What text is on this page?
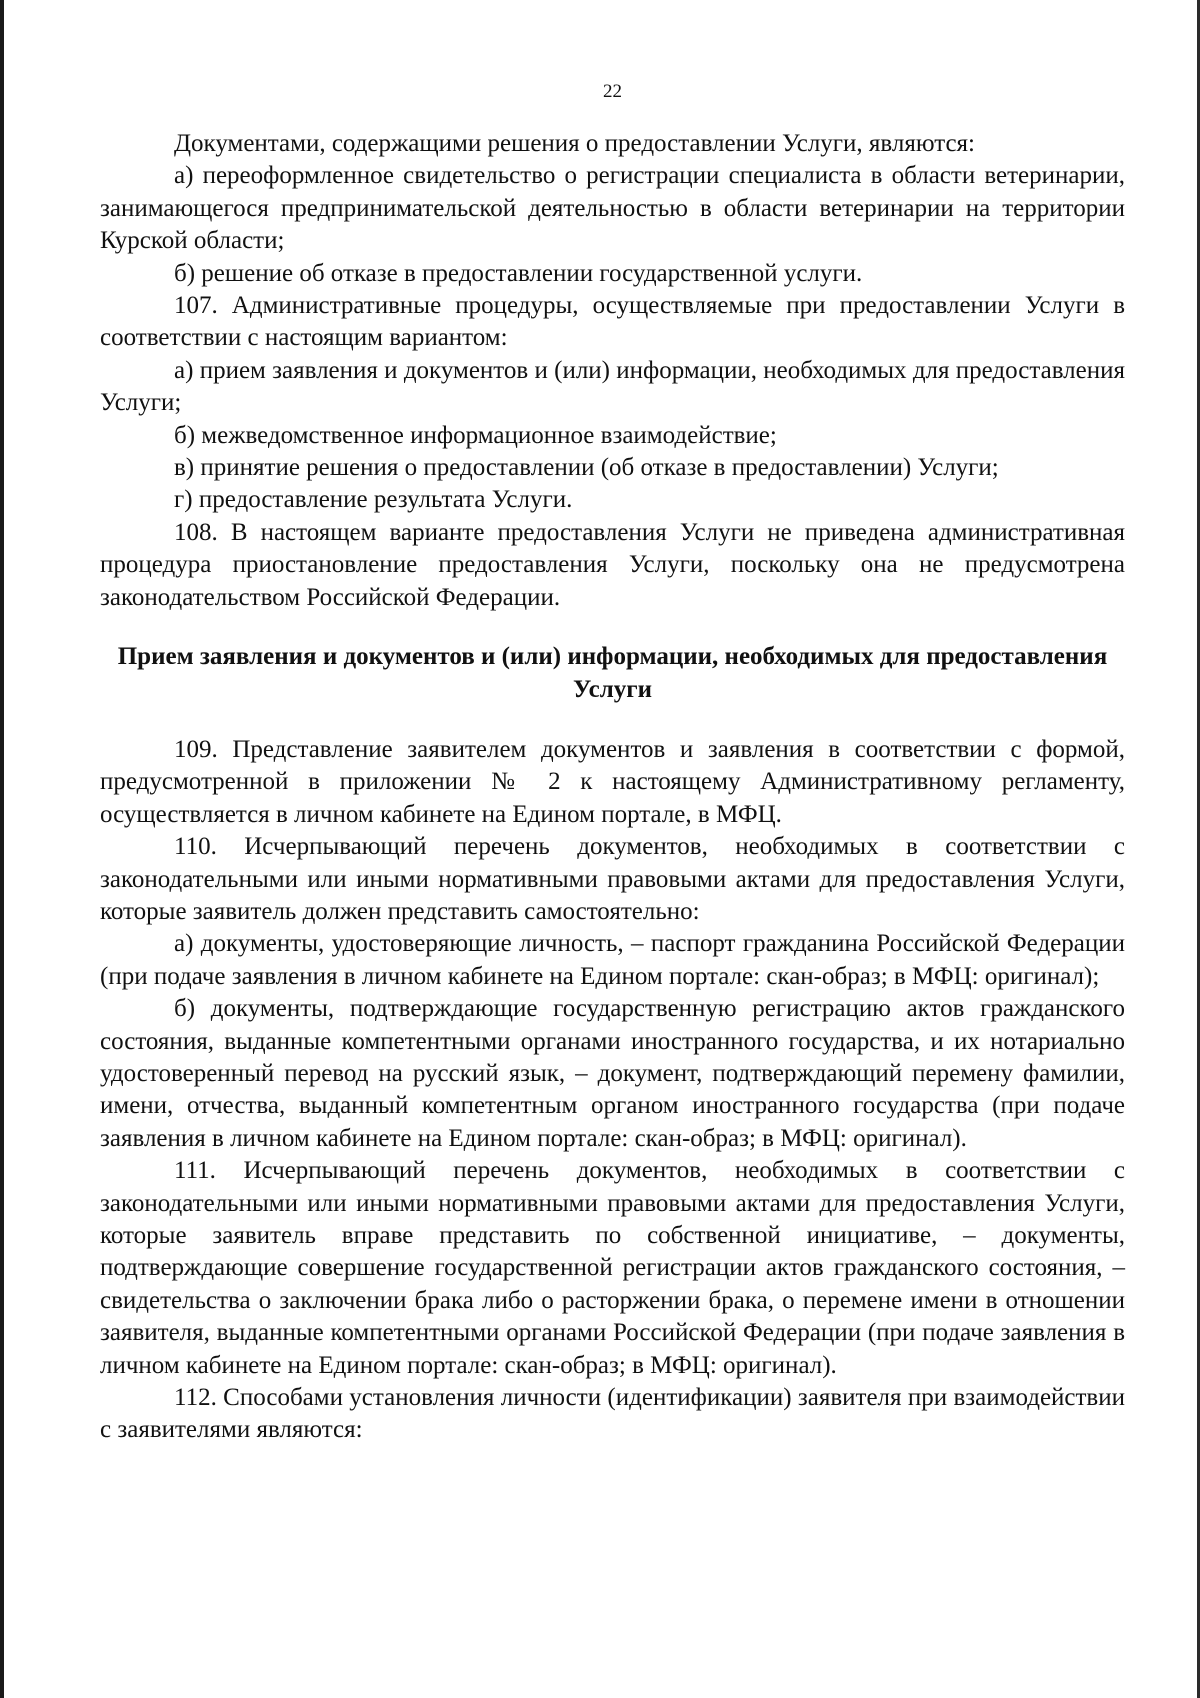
22

Документами, содержащими решения о предоставлении Услуги, являются:

а) переоформленное свидетельство о регистрации специалиста в области ветеринарии, занимающегося предпринимательской деятельностью в области ветеринарии на территории Курской области;

б) решение об отказе в предоставлении государственной услуги.

107. Административные процедуры, осуществляемые при предоставлении Услуги в соответствии с настоящим вариантом:

а) прием заявления и документов и (или) информации, необходимых для предоставления Услуги;

б) межведомственное информационное взаимодействие;

в) принятие решения о предоставлении (об отказе в предоставлении) Услуги;

г) предоставление результата Услуги.

108. В настоящем варианте предоставления Услуги не приведена административная процедура приостановление предоставления Услуги, поскольку она не предусмотрена законодательством Российской Федерации.

Прием заявления и документов и (или) информации, необходимых для предоставления Услуги

109. Представление заявителем документов и заявления в соответствии с формой, предусмотренной в приложении № 2 к настоящему Административному регламенту, осуществляется в личном кабинете на Едином портале, в МФЦ.

110. Исчерпывающий перечень документов, необходимых в соответствии с законодательными или иными нормативными правовыми актами для предоставления Услуги, которые заявитель должен представить самостоятельно:

а) документы, удостоверяющие личность, – паспорт гражданина Российской Федерации (при подаче заявления в личном кабинете на Едином портале: скан-образ; в МФЦ: оригинал);

б) документы, подтверждающие государственную регистрацию актов гражданского состояния, выданные компетентными органами иностранного государства, и их нотариально удостоверенный перевод на русский язык, – документ, подтверждающий перемену фамилии, имени, отчества, выданный компетентным органом иностранного государства (при подаче заявления в личном кабинете на Едином портале: скан-образ; в МФЦ: оригинал).

111. Исчерпывающий перечень документов, необходимых в соответствии с законодательными или иными нормативными правовыми актами для предоставления Услуги, которые заявитель вправе представить по собственной инициативе, – документы, подтверждающие совершение государственной регистрации актов гражданского состояния, – свидетельства о заключении брака либо о расторжении брака, о перемене имени в отношении заявителя, выданные компетентными органами Российской Федерации (при подаче заявления в личном кабинете на Едином портале: скан-образ; в МФЦ: оригинал).

112. Способами установления личности (идентификации) заявителя при взаимодействии с заявителями являются:
